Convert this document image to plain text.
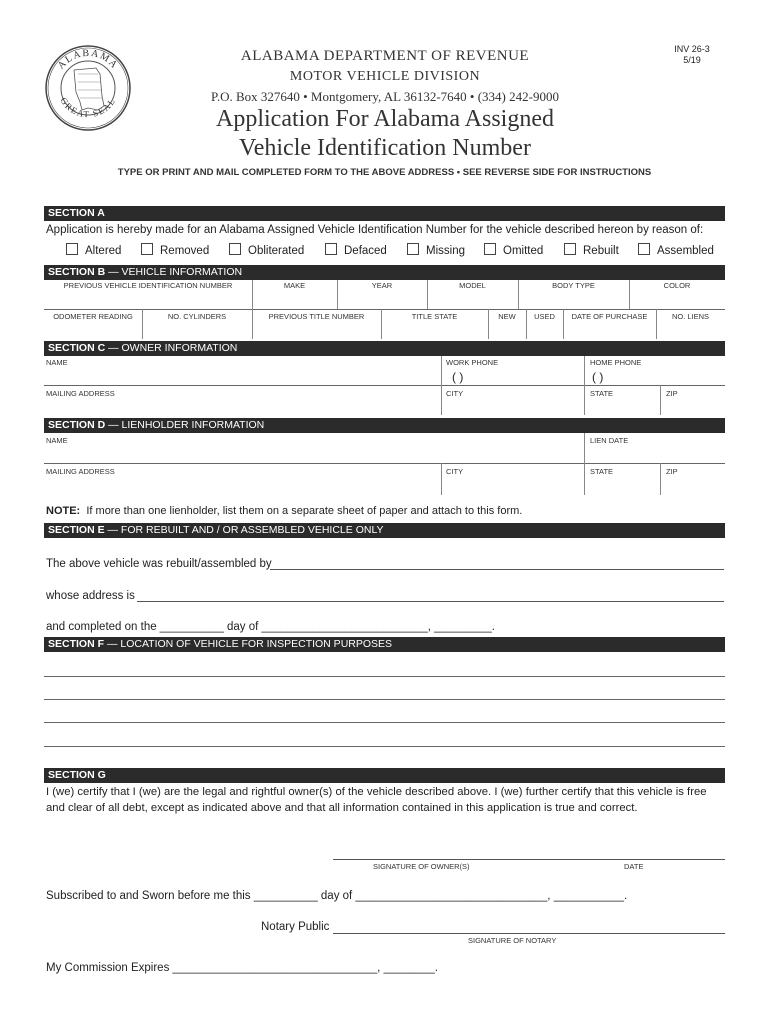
ALABAMA
GREAT SEAL
ALABAMA DEPARTMENT OF REVENUE
MOTOR VEHICLE DIVISION
P.O. Box 327640 • Montgomery, AL 36132-7640 • (334) 242-9000
Application For Alabama Assigned
Vehicle Identification Number
INV 26-3
5/19
TYPE OR PRINT AND MAIL COMPLETED FORM TO THE ABOVE ADDRESS • SEE REVERSE SIDE FOR INSTRUCTIONS
SECTION A
Application is hereby made for an Alabama Assigned Vehicle Identification Number for the vehicle described hereon by reason of:
Altered	Removed	Obliterated	Defaced	Missing	Omitted	Rebuilt	Assembled
SECTION B — VEHICLE INFORMATION
PREVIOUS VEHICLE IDENTIFICATION NUMBER	MAKE	YEAR	MODEL	BODY TYPE	COLOR
ODOMETER READING	NO. CYLINDERS	PREVIOUS TITLE NUMBER	TITLE STATE	NEW	USED	DATE OF PURCHASE	NO. LIENS
SECTION C — OWNER INFORMATION
NAME	WORK PHONE	HOME PHONE
( )	( )
MAILING ADDRESS	CITY	STATE	ZIP
SECTION D — LIENHOLDER INFORMATION
NAME	LIEN DATE
MAILING ADDRESS	CITY	STATE	ZIP
NOTE: If more than one lienholder, list them on a separate sheet of paper and attach to this form.
SECTION E — FOR REBUILT AND / OR ASSEMBLED VEHICLE ONLY
The above vehicle was rebuilt/assembled by
whose address is
and completed on the __________ day of __________________________, _________.
SECTION F — LOCATION OF VEHICLE FOR INSPECTION PURPOSES
SECTION G
I (we) certify that I (we) are the legal and rightful owner(s) of the vehicle described above. I (we) further certify that this vehicle is free
and clear of all debt, except as indicated above and that all information contained in this application is true and correct.
SIGNATURE OF OWNER(S)	DATE
Subscribed to and Sworn before me this __________ day of ______________________________, ___________.
Notary Public
SIGNATURE OF NOTARY
My Commission Expires ________________________________, ________.
